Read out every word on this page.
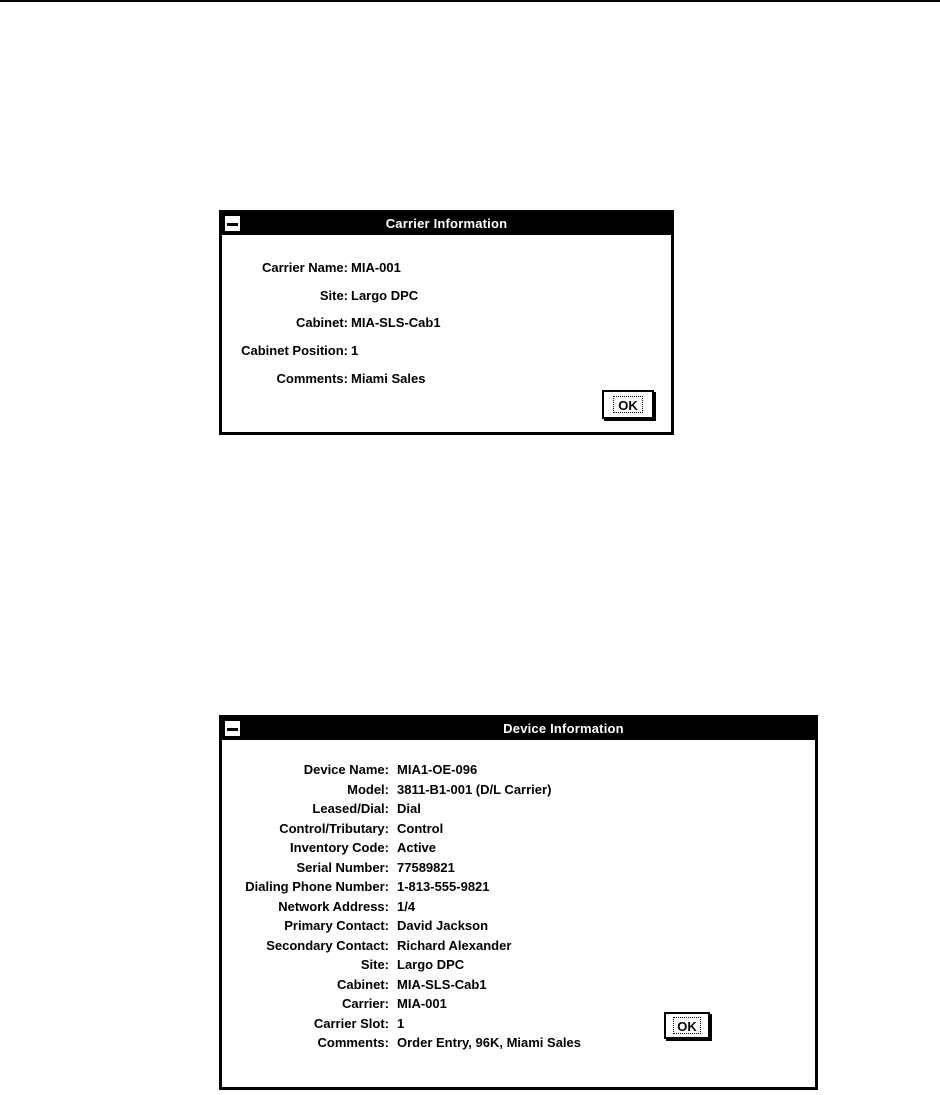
Carrier Information
Carrier Name: MIA-001
Site: Largo DPC
Cabinet: MIA-SLS-Cab1
Cabinet Position: 1
Comments: Miami Sales
OK
Device Information
Device Name: MIA1-OE-096
Model: 3811-B1-001 (D/L Carrier)
Leased/Dial: Dial
Control/Tributary: Control
Inventory Code: Active
Serial Number: 77589821
Dialing Phone Number: 1-813-555-9821
Network Address: 1/4
Primary Contact: David Jackson
Secondary Contact: Richard Alexander
Site: Largo DPC
Cabinet: MIA-SLS-Cab1
Carrier: MIA-001
Carrier Slot: 1
Comments: Order Entry, 96K, Miami Sales
OK
